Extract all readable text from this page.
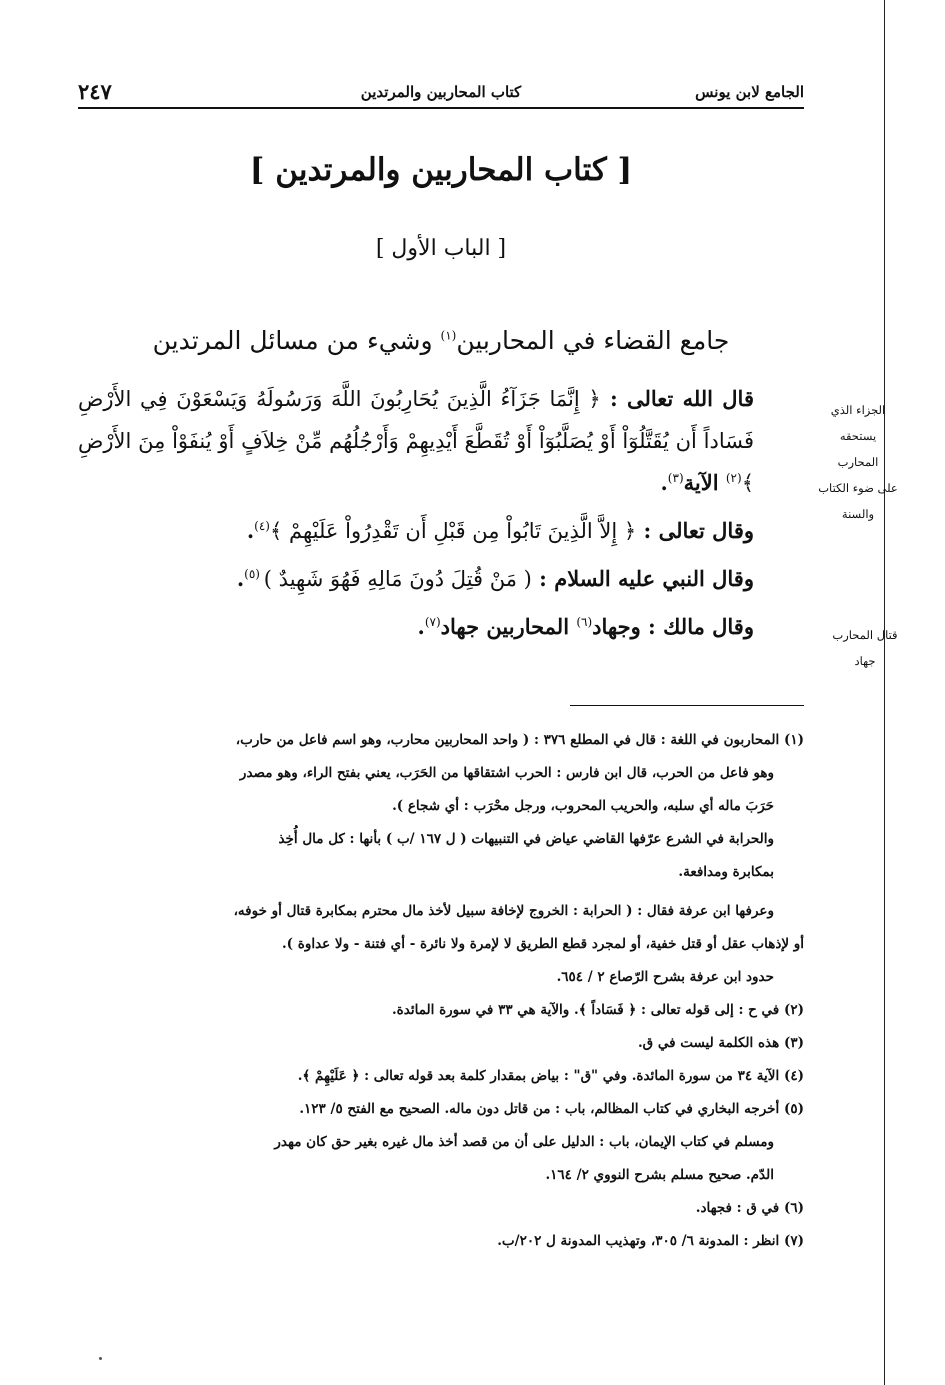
الجامع لابن يونس
كتاب المحاربين والمرتدين
٢٤٧
[ كتاب المحاربين والمرتدين ]
[ الباب الأول ]
جامع القضاء في المحاربين$^{(١)}$ وشيء من مسائل المرتدين

قال الله تعالى : ﴿ إِنَّمَا جَزَآءُ الَّذِينَ يُحَارِبُونَ اللَّهَ وَرَسُولَهُ وَيَسْعَوْنَ فِي الأَرْضِ فَسَاداً أَن يُقَتَّلُوٓاْ أَوْ يُصَلَّبُوٓاْ أَوْ تُقَطَّعَ أَيْدِيهِمْ وَأَرْجُلُهُم مِّنْ خِلاَفٍ أَوْ يُنفَوْاْ مِنَ الأَرْضِ ﴾$^{(٢)}$ الآية$^{(٣)}$.

وقال تعالى : ﴿ إِلاَّ الَّذِينَ تَابُواْ مِن قَبْلِ أَن تَقْدِرُواْ عَلَيْهِمْ ﴾$^{(٤)}$.

وقال النبي عليه السلام : ( مَنْ قُتِلَ دُونَ مَالِهِ فَهُوَ شَهِيدٌ ) $^{(٥)}$.

وقال مالك : وجهاد$^{(٦)}$ المحاربين جهاد$^{(٧)}$.

الجزاء الذي
يستحقه المحارب
على ضوء الكتاب
والسنة
قتال المحارب
جهاد

(١) المحاربون في اللغة : قال في المطلع ٣٧٦ : ( واحد المحاربين محارب، وهو اسم فاعل من حارب،

وهو فاعل من الحرب، قال ابن فارس : الحرب اشتقاقها من الحَرَب، يعني بفتح الراء، وهو مصدر

حَرَبَ ماله أي سلبه، والحريب المحروب، ورجل محْرَب : أي شجاع ).

والحرابة في الشرع عرّفها القاضي عياض في التنبيهات ( ل ١٦٧ /ب ) بأنها : كل مال أُخِذ

بمكابرة ومدافعة.

وعرفها ابن عرفة فقال : ( الحرابة : الخروج لإخافة سبيل لأخذ مال محترم بمكابرة قتال أو خوفه،

أو لإذهاب عقل أو قتل خفية، أو لمجرد قطع الطريق لا لإمرة ولا نائرة - أي فتنة - ولا عداوة ).

حدود ابن عرفة بشرح الرّصاع ٢ / ٦٥٤.

(٢) في ح : إلى قوله تعالى : ﴿ فَسَاداً ﴾. والآية هي ٣٣ في سورة المائدة.

(٣) هذه الكلمة ليست في ق.

(٤) الآية ٣٤ من سورة المائدة. وفي "ق" : بياض بمقدار كلمة بعد قوله تعالى : ﴿ عَلَيْهِمْ ﴾.

(٥) أخرجه البخاري في كتاب المظالم، باب : من قاتل دون ماله. الصحيح مع الفتح ٥/ ١٢٣.

ومسلم في كتاب الإيمان، باب : الدليل على أن من قصد أخذ مال غيره بغير حق كان مهدر

الدّم. صحيح مسلم بشرح النووي ٢/ ١٦٤.

(٦) في ق : فجهاد.

(٧) انظر : المدونة ٦/ ٣٠٥، وتهذيب المدونة ل ٢٠٢/ب.
